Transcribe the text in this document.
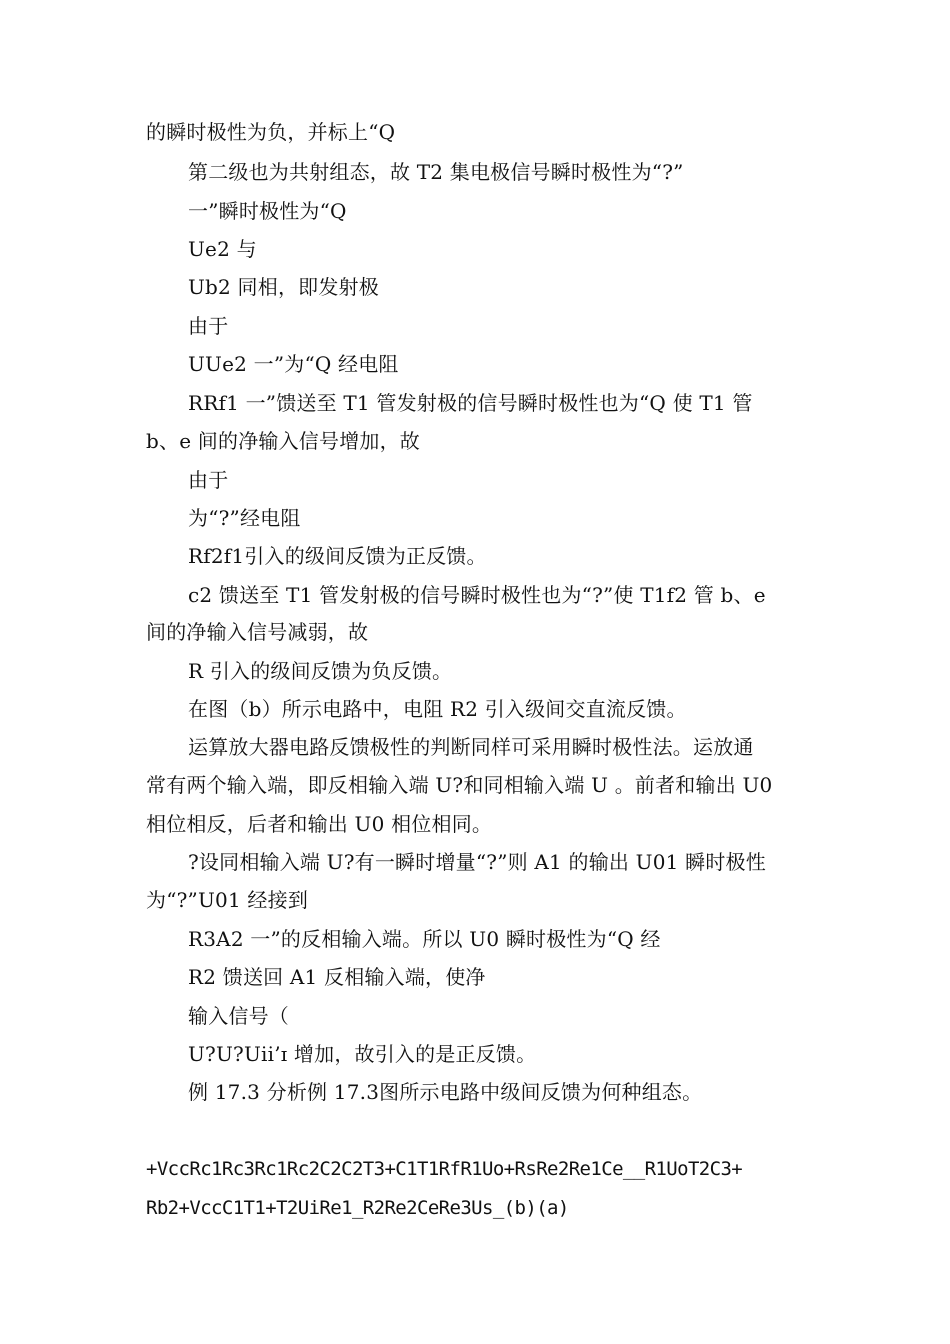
的瞬时极性为负，并标上“Q
第二级也为共射组态，故 T2 集电极信号瞬时极性为“?”
一”瞬时极性为“Q
Ue2 与
Ub2 同相，即发射极
由于
UUe2 一”为“Q 经电阻
RRf1 一”馈送至 T1 管发射极的信号瞬时极性也为“Q 使 T1 管
b、e 间的净输入信号增加，故
由于
为“?”经电阻
Rf2f1引入的级间反馈为正反馈。
c2 馈送至 T1 管发射极的信号瞬时极性也为“?”使 T1f2 管 b、e
间的净输入信号减弱，故
R 引入的级间反馈为负反馈。
在图（b）所示电路中，电阻 R2 引入级间交直流反馈。
运算放大器电路反馈极性的判断同样可采用瞬时极性法。运放通
常有两个输入端，即反相输入端 U?和同相输入端 U 。前者和输出 U0
相位相反，后者和输出 U0 相位相同。
?设同相输入端 U?有一瞬时增量“?”则 A1 的输出 U01 瞬时极性
为“?”U01 经接到
R3A2 一”的反相输入端。所以 U0 瞬时极性为“Q 经
R2 馈送回 A1 反相输入端，使净
输入信号（
U?U?Uii’ɪ 增加，故引入的是正反馈。
例 17.3 分析例 17.3图所示电路中级间反馈为何种组态。
+VccRc1Rc3Rc1Rc2C2C2T3+C1T1RfR1Uo+RsRe2Re1Ce__R1UoT2C3+
Rb2+VccC1T1+T2UiRe1_R2Re2CeRe3Us_(b)(a)
